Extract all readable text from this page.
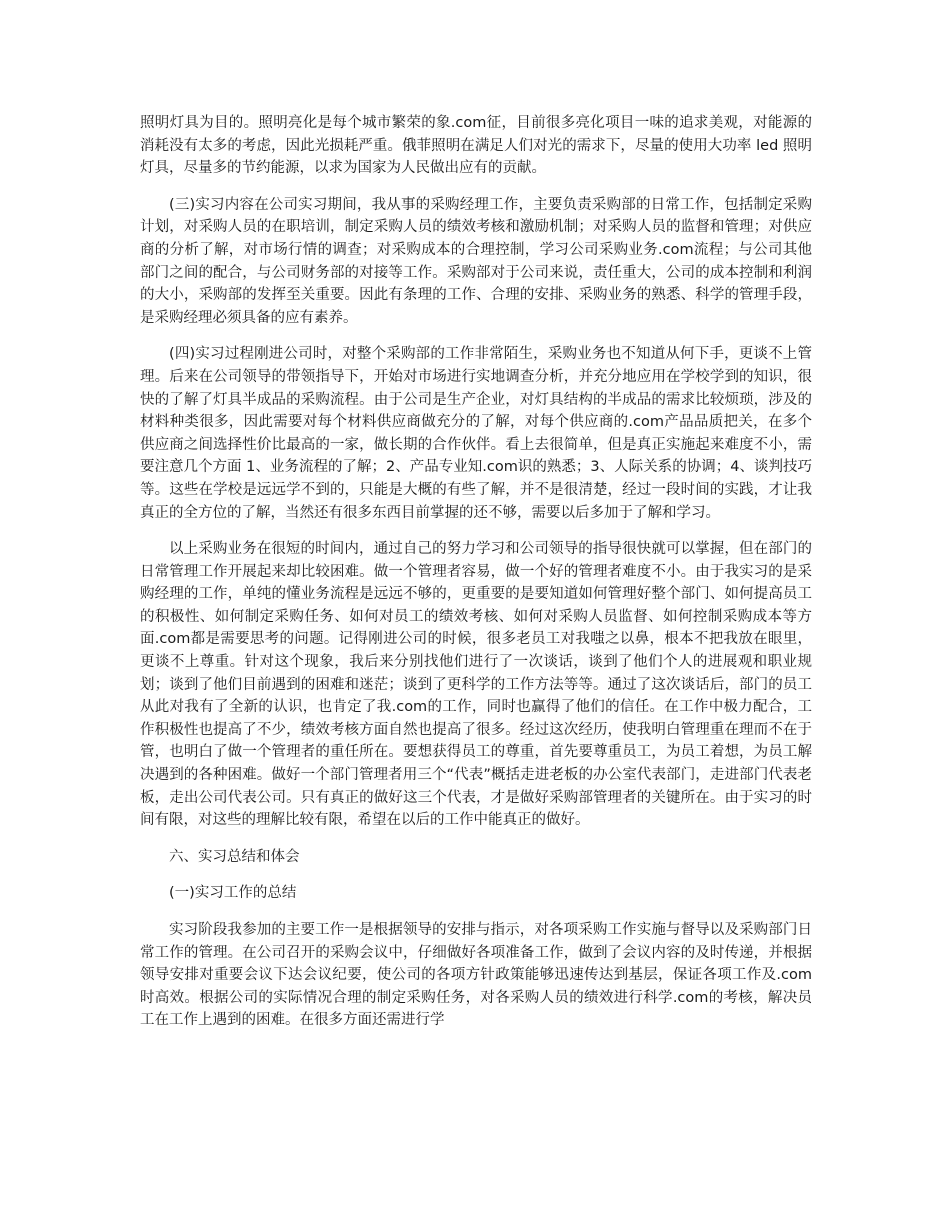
照明灯具为目的。照明亮化是每个城市繁荣的象.com征，目前很多亮化项目一味的追求美观，对能源的消耗没有太多的考虑，因此光损耗严重。俄菲照明在满足人们对光的需求下，尽量的使用大功率 led 照明灯具，尽量多的节约能源，以求为国家为人民做出应有的贡献。

(三)实习内容在公司实习期间，我从事的采购经理工作，主要负责采购部的日常工作，包括制定采购计划，对采购人员的在职培训，制定采购人员的绩效考核和激励机制；对采购人员的监督和管理；对供应商的分析了解，对市场行情的调查；对采购成本的合理控制，学习公司采购业务.com流程；与公司其他部门之间的配合，与公司财务部的对接等工作。采购部对于公司来说，责任重大，公司的成本控制和利润的大小，采购部的发挥至关重要。因此有条理的工作、合理的安排、采购业务的熟悉、科学的管理手段，是采购经理必须具备的应有素养。

(四)实习过程刚进公司时，对整个采购部的工作非常陌生，采购业务也不知道从何下手，更谈不上管理。后来在公司领导的带领指导下，开始对市场进行实地调查分析，并充分地应用在学校学到的知识，很快的了解了灯具半成品的采购流程。由于公司是生产企业，对灯具结构的半成品的需求比较烦琐，涉及的材料种类很多，因此需要对每个材料供应商做充分的了解，对每个供应商的.com产品品质把关，在多个供应商之间选择性价比最高的一家，做长期的合作伙伴。看上去很简单，但是真正实施起来难度不小，需要注意几个方面 1、业务流程的了解；2、产品专业知.com识的熟悉；3、人际关系的协调；4、谈判技巧等。这些在学校是远远学不到的，只能是大概的有些了解，并不是很清楚，经过一段时间的实践，才让我真正的全方位的了解，当然还有很多东西目前掌握的还不够，需要以后多加于了解和学习。

以上采购业务在很短的时间内，通过自己的努力学习和公司领导的指导很快就可以掌握，但在部门的日常管理工作开展起来却比较困难。做一个管理者容易，做一个好的管理者难度不小。由于我实习的是采购经理的工作，单纯的懂业务流程是远远不够的，更重要的是要知道如何管理好整个部门、如何提高员工的积极性、如何制定采购任务、如何对员工的绩效考核、如何对采购人员监督、如何控制采购成本等方面.com都是需要思考的问题。记得刚进公司的时候，很多老员工对我嗤之以鼻，根本不把我放在眼里，更谈不上尊重。针对这个现象，我后来分别找他们进行了一次谈话，谈到了他们个人的进展观和职业规划；谈到了他们目前遇到的困难和迷茫；谈到了更科学的工作方法等等。通过了这次谈话后，部门的员工从此对我有了全新的认识，也肯定了我.com的工作，同时也赢得了他们的信任。在工作中极力配合，工作积极性也提高了不少，绩效考核方面自然也提高了很多。经过这次经历，使我明白管理重在理而不在于管，也明白了做一个管理者的重任所在。要想获得员工的尊重，首先要尊重员工，为员工着想，为员工解决遇到的各种困难。做好一个部门管理者用三个“代表”概括走进老板的办公室代表部门，走进部门代表老板，走出公司代表公司。只有真正的做好这三个代表，才是做好采购部管理者的关键所在。由于实习的时间有限，对这些的理解比较有限，希望在以后的工作中能真正的做好。

六、实习总结和体会

(一)实习工作的总结

实习阶段我参加的主要工作一是根据领导的安排与指示，对各项采购工作实施与督导以及采购部门日常工作的管理。在公司召开的采购会议中，仔细做好各项准备工作，做到了会议内容的及时传递，并根据领导安排对重要会议下达会议纪要，使公司的各项方针政策能够迅速传达到基层，保证各项工作及.com时高效。根据公司的实际情况合理的制定采购任务，对各采购人员的绩效进行科学.com的考核，解决员工在工作上遇到的困难。在很多方面还需进行学
